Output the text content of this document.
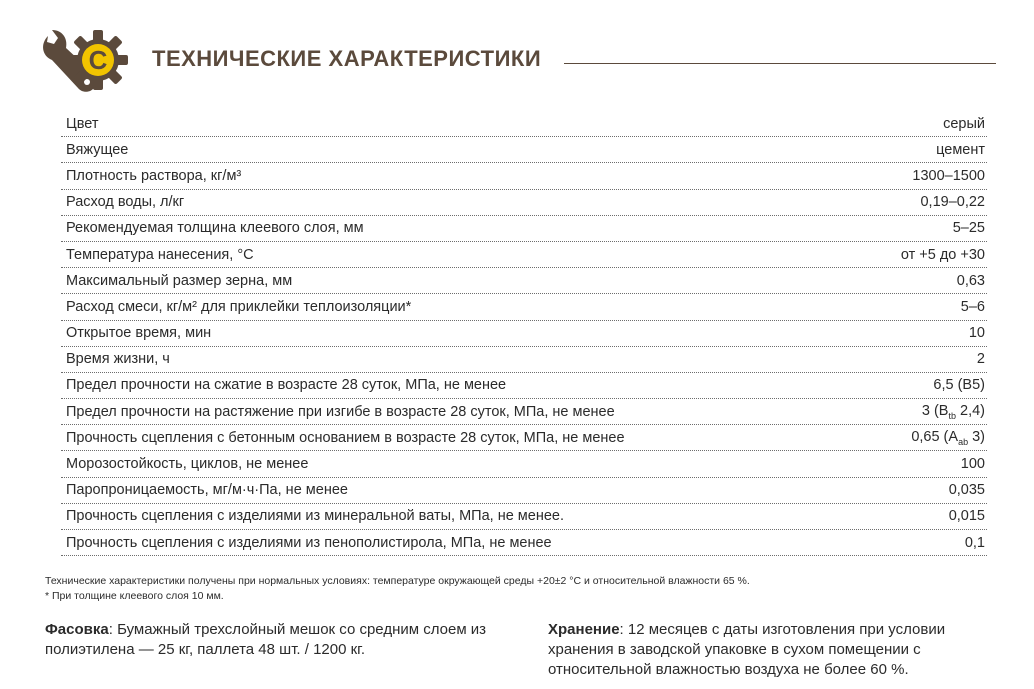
С ТЕХНИЧЕСКИЕ ХАРАКТЕРИСТИКИ
Цвет	серый
Вяжущее	цемент
Плотность раствора, кг/м³	1300–1500
Расход воды, л/кг	0,19–0,22
Рекомендуемая толщина клеевого слоя, мм	5–25
Температура нанесения, °С	от +5 до +30
Максимальный размер зерна, мм	0,63
Расход смеси, кг/м² для приклейки теплоизоляции*	5–6
Открытое время, мин	10
Время жизни, ч	2
Предел прочности на сжатие в возрасте 28 суток, МПа, не менее	6,5 (В5)
Предел прочности на растяжение при изгибе в возрасте 28 суток, МПа, не менее	3 ($В_{tb}$ 2,4)
Прочность сцепления с бетонным основанием в возрасте 28 суток, МПа, не менее	0,65 ($А_{ab}$ 3)
Морозостойкость, циклов, не менее	100
Паропроницаемость, мг/м·ч·Па, не менее	0,035
Прочность сцепления с изделиями из минеральной ваты, МПа, не менее.	0,015
Прочность сцепления с изделиями из пенополистирола, МПа, не менее	0,1
Технические характеристики получены при нормальных условиях: температуре окружающей среды +20±2 °С и относительной влажности 65 %.
* При толщине клеевого слоя 10 мм.
Фасовка: Бумажный трехслойный мешок со средним слоем из полиэтилена — 25 кг, паллета 48 шт. / 1200 кг.
Хранение: 12 месяцев с даты изготовления при условии хранения в заводской упаковке в сухом помещении с относительной влажностью воздуха не более 60 %.
